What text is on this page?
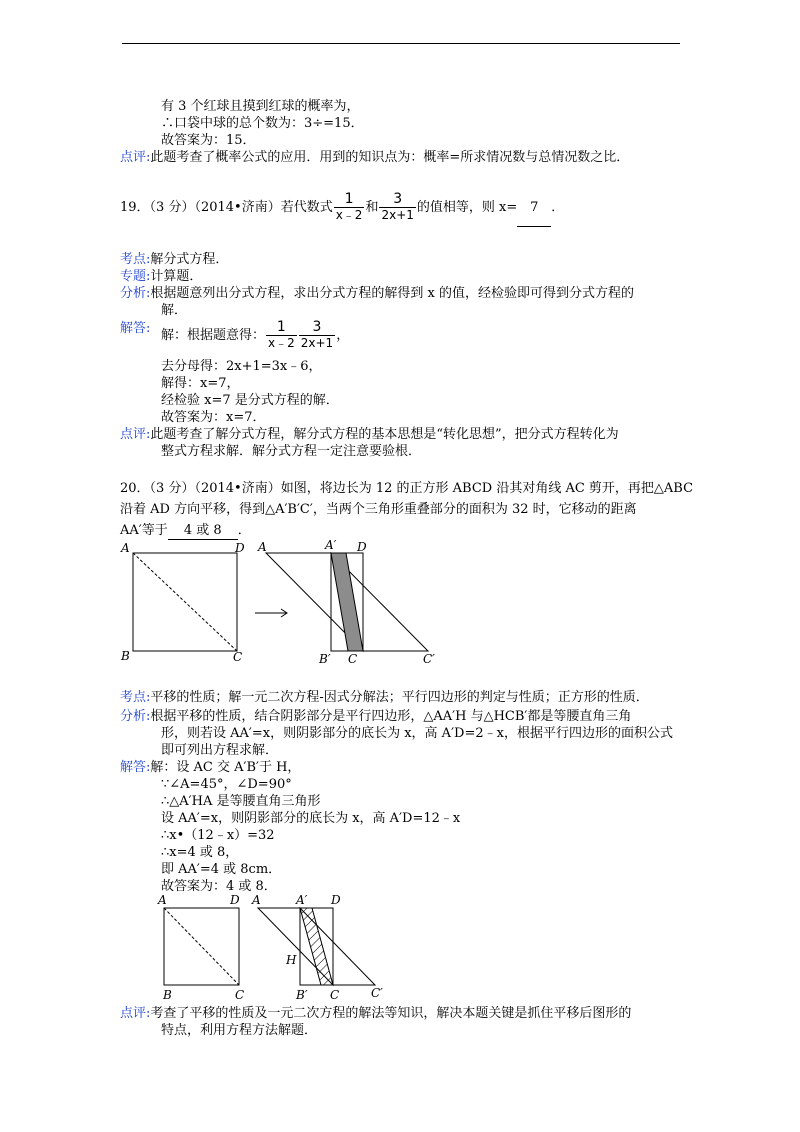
有 3 个红球且摸到红球的概率为，
∴口袋中球的总个数为：3÷=15．
故答案为：15．
点评:此题考查了概率公式的应用．用到的知识点为：概率=所求情况数与总情况数之比．
19．（3 分）（2014•济南）若代数式 $\frac{1}{x﹣2}$ 和 $\frac{3}{2x+1}$ 的值相等，则 x= 7 ．
考点:解分式方程．
专题:计算题．
分析:根据题意列出分式方程，求出分式方程的解得到 x 的值，经检验即可得到分式方程的
解．
解答: 解：根据题意得： $\frac{1}{x﹣2} \frac{3}{2x+1}$ ，
去分母得：2x+1=3x﹣6，
解得：x=7，
经检验 x=7 是分式方程的解．
故答案为：x=7．
点评:此题考查了解分式方程，解分式方程的基本思想是“转化思想”，把分式方程转化为
整式方程求解．解分式方程一定注意要验根．
20．（3 分）（2014•济南）如图，将边长为 12 的正方形 ABCD 沿其对角线 AC 剪开，再把△ABC
沿着 AD 方向平移，得到△A′B′C′，当两个三角形重叠部分的面积为 32 时，它移动的距离
AA′等于 4 或 8 ．
A	D
B	C
A	A′ D
B′ C	C′
考点:平移的性质；解一元二次方程-因式分解法；平行四边形的判定与性质；正方形的性质．
分析:根据平移的性质，结合阴影部分是平行四边形，△AA′H 与△HCB′都是等腰直角三角
形，则若设 AA′=x，则阴影部分的底长为 x，高 A′D=2﹣x，根据平行四边形的面积公式
即可列出方程求解．
解答:解：设 AC 交 A′B′于 H，
∵∠A=45°，∠D=90°
∴△A′HA 是等腰直角三角形
设 AA′=x，则阴影部分的底长为 x，高 A′D=12﹣x
∴x•（12﹣x）=32
∴x=4 或 8，
即 AA′=4 或 8cm．
故答案为：4 或 8．
A	D
B	C
A	A′ D
H
B′ C	C′
点评:考查了平移的性质及一元二次方程的解法等知识，解决本题关键是抓住平移后图形的
特点，利用方程方法解题．
